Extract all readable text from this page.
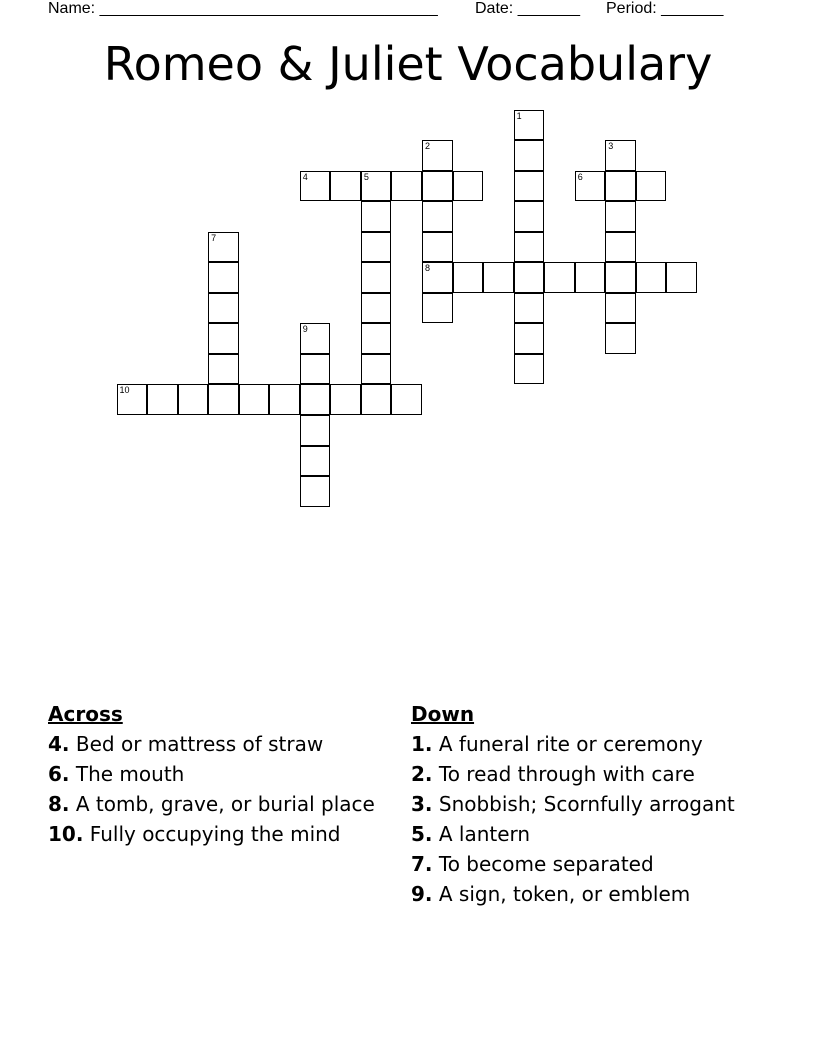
Name: ______________________________________ Date: _______ Period: _______
Romeo & Juliet Vocabulary
1
2
8
3
4	5	6
7
9
10
Across
4. Bed or mattress of straw
6. The mouth
8. A tomb, grave, or burial place
10. Fully occupying the mind
Down
1. A funeral rite or ceremony
2. To read through with care
3. Snobbish; Scornfully arrogant
5. A lantern
7. To become separated
9. A sign, token, or emblem
